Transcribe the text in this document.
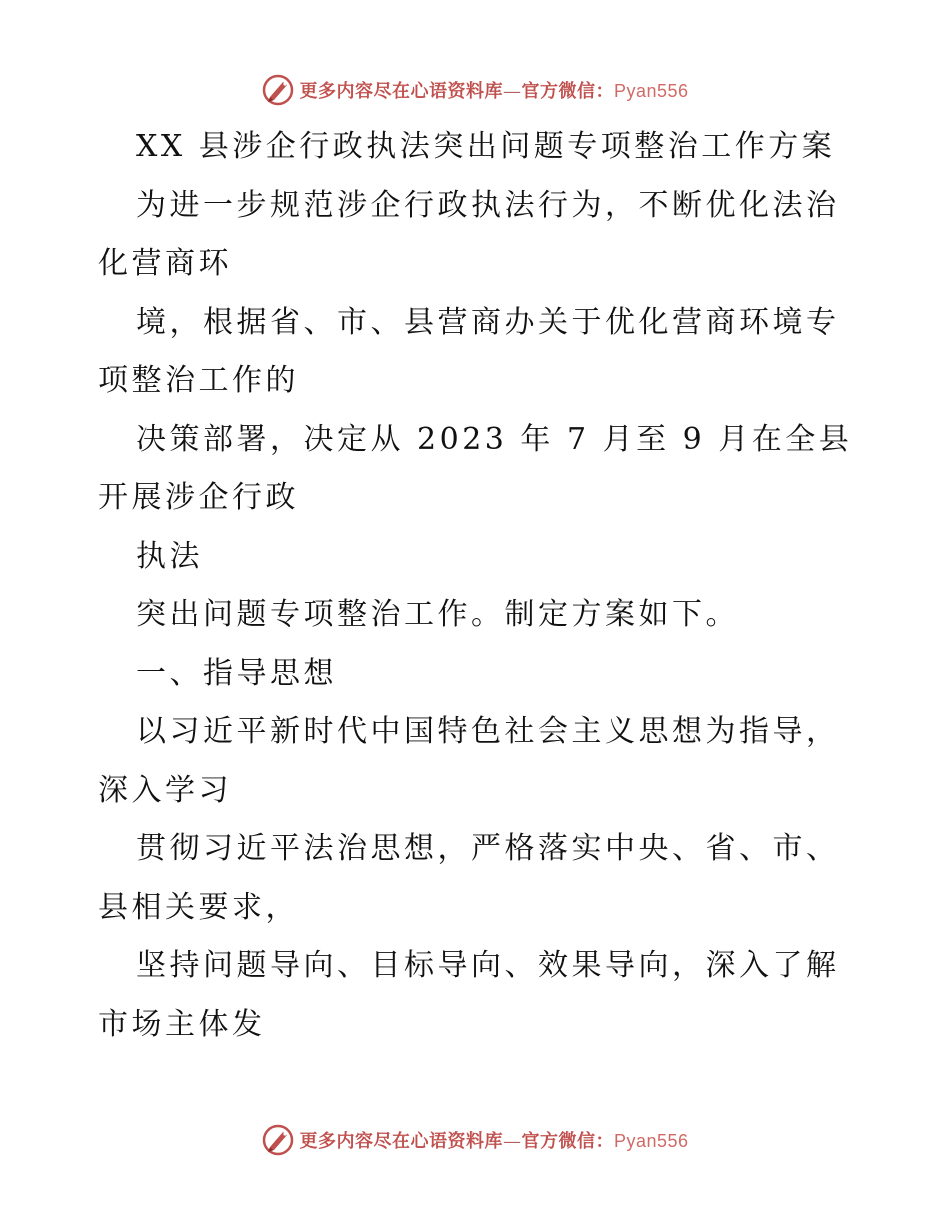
更多内容尽在心语资料库—官方微信：Pyan556
XX 县涉企行政执法突出问题专项整治工作方案
为进一步规范涉企行政执法行为，不断优化法治
化营商环
境，根据省、市、县营商办关于优化营商环境专
项整治工作的
决策部署，决定从 2023 年 7 月至 9 月在全县
开展涉企行政
执法
突出问题专项整治工作。制定方案如下。
一、指导思想
以习近平新时代中国特色社会主义思想为指导，
深入学习
贯彻习近平法治思想，严格落实中央、省、市、
县相关要求，
坚持问题导向、目标导向、效果导向，深入了解
市场主体发
更多内容尽在心语资料库—官方微信：Pyan556
